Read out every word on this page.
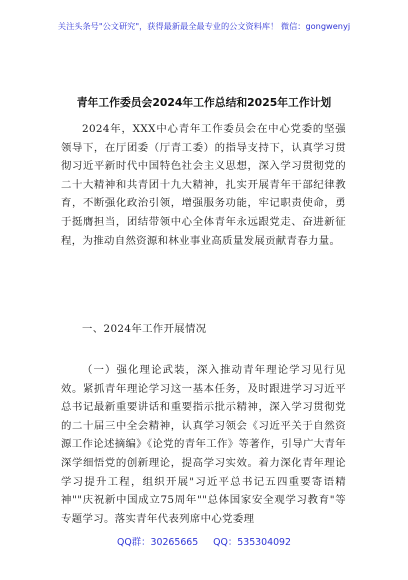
关注头条号"公文研究"，获得最新最全最专业的公文资料库！ 微信：gongwenyj
青年工作委员会2024年工作总结和2025年工作计划
2024年，XXX中心青年工作委员会在中心党委的坚强领导下，在厅团委（厅青工委）的指导支持下，认真学习贯彻习近平新时代中国特色社会主义思想，深入学习贯彻党的二十大精神和共青团十九大精神，扎实开展青年干部纪律教育，不断强化政治引领，增强服务功能，牢记职责使命，勇于挺膺担当，团结带领中心全体青年永远跟党走、奋进新征程，为推动自然资源和林业事业高质量发展贡献青春力量。
一、2024年工作开展情况
（一）强化理论武装，深入推动青年理论学习见行见效。紧抓青年理论学习这一基本任务，及时跟进学习习近平总书记最新重要讲话和重要指示批示精神，深入学习贯彻党的二十届三中全会精神，认真学习领会《习近平关于自然资源工作论述摘编》《论党的青年工作》等著作，引导广大青年深学细悟党的创新理论，提高学习实效。着力深化青年理论学习提升工程，组织开展"习近平总书记五四重要寄语精神""庆祝新中国成立75周年""总体国家安全观学习教育"等专题学习。落实青年代表列席中心党委理
QQ群：30265665     QQ：535304092
